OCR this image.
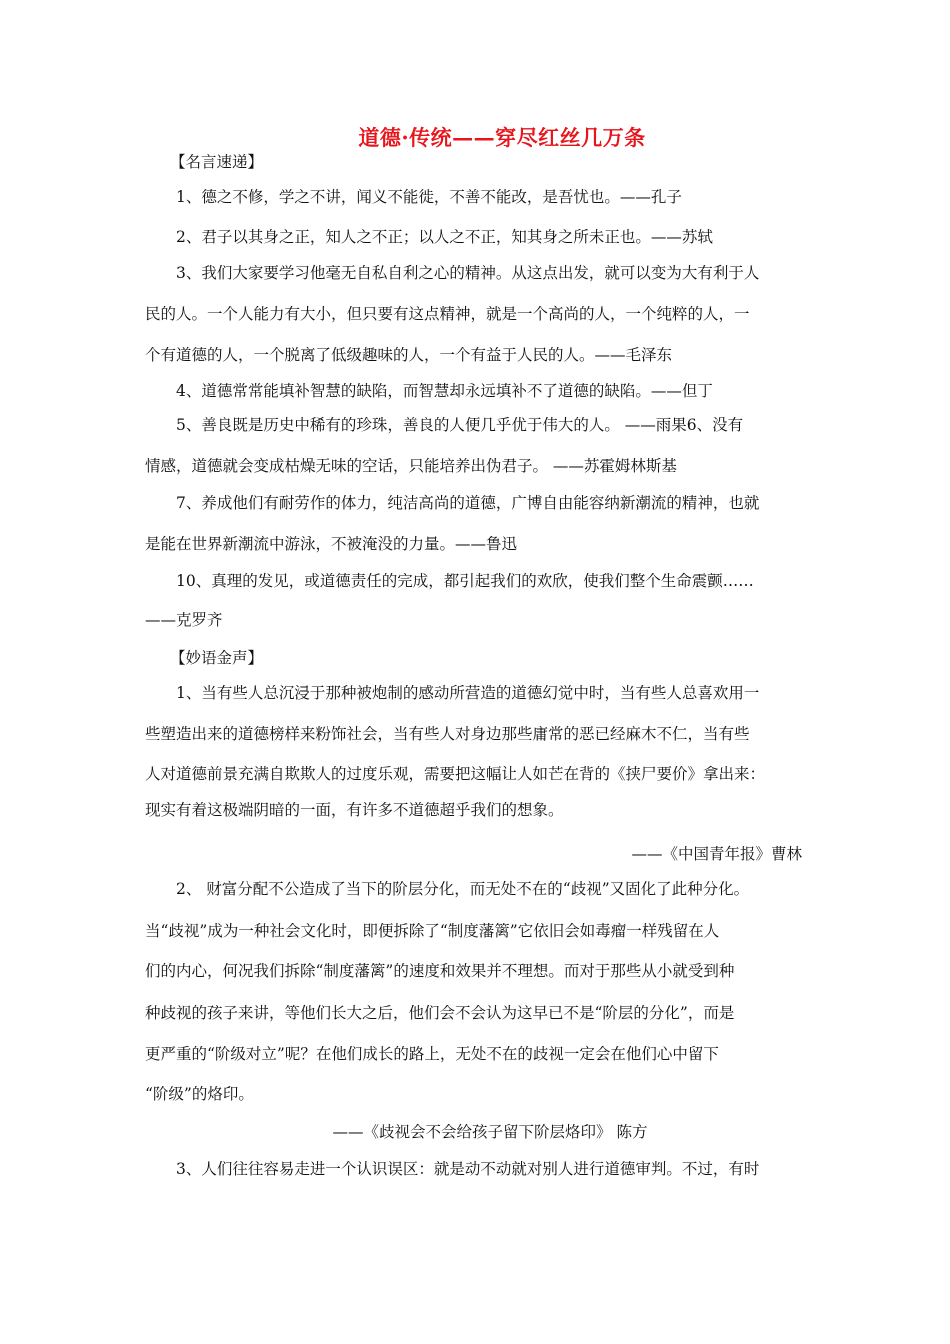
道德·传统——穿尽红丝几万条
【名言速递】
1、德之不修，学之不讲，闻义不能徙，不善不能改，是吾忧也。——孔子
2、君子以其身之正，知人之不正；以人之不正，知其身之所未正也。——苏轼
3、我们大家要学习他毫无自私自利之心的精神。从这点出发，就可以变为大有利于人
民的人。一个人能力有大小，但只要有这点精神，就是一个高尚的人，一个纯粹的人，一
个有道德的人，一个脱离了低级趣味的人，一个有益于人民的人。——毛泽东
4、道德常常能填补智慧的缺陷，而智慧却永远填补不了道德的缺陷。——但丁
5、善良既是历史中稀有的珍珠，善良的人便几乎优于伟大的人。 ——雨果6、没有
情感，道德就会变成枯燥无味的空话，只能培养出伪君子。 ——苏霍姆林斯基
7、养成他们有耐劳作的体力，纯洁高尚的道德，广博自由能容纳新潮流的精神，也就
是能在世界新潮流中游泳，不被淹没的力量。——鲁迅
10、真理的发见，或道德责任的完成，都引起我们的欢欣，使我们整个生命震颤……
——克罗齐
【妙语金声】
1、当有些人总沉浸于那种被炮制的感动所营造的道德幻觉中时，当有些人总喜欢用一
些塑造出来的道德榜样来粉饰社会，当有些人对身边那些庸常的恶已经麻木不仁，当有些
人对道德前景充满自欺欺人的过度乐观，需要把这幅让人如芒在背的《挟尸要价》拿出来：
现实有着这极端阴暗的一面，有许多不道德超乎我们的想象。
——《中国青年报》曹林
2、 财富分配不公造成了当下的阶层分化，而无处不在的“歧视”又固化了此种分化。
当“歧视”成为一种社会文化时，即便拆除了“制度藩篱”它依旧会如毒瘤一样残留在人
们的内心，何况我们拆除“制度藩篱”的速度和效果并不理想。而对于那些从小就受到种
种歧视的孩子来讲，等他们长大之后，他们会不会认为这早已不是“阶层的分化”，而是
更严重的“阶级对立”呢？在他们成长的路上，无处不在的歧视一定会在他们心中留下
“阶级”的烙印。
——《歧视会不会给孩子留下阶层烙印》 陈方
3、人们往往容易走进一个认识误区：就是动不动就对别人进行道德审判。不过，有时
